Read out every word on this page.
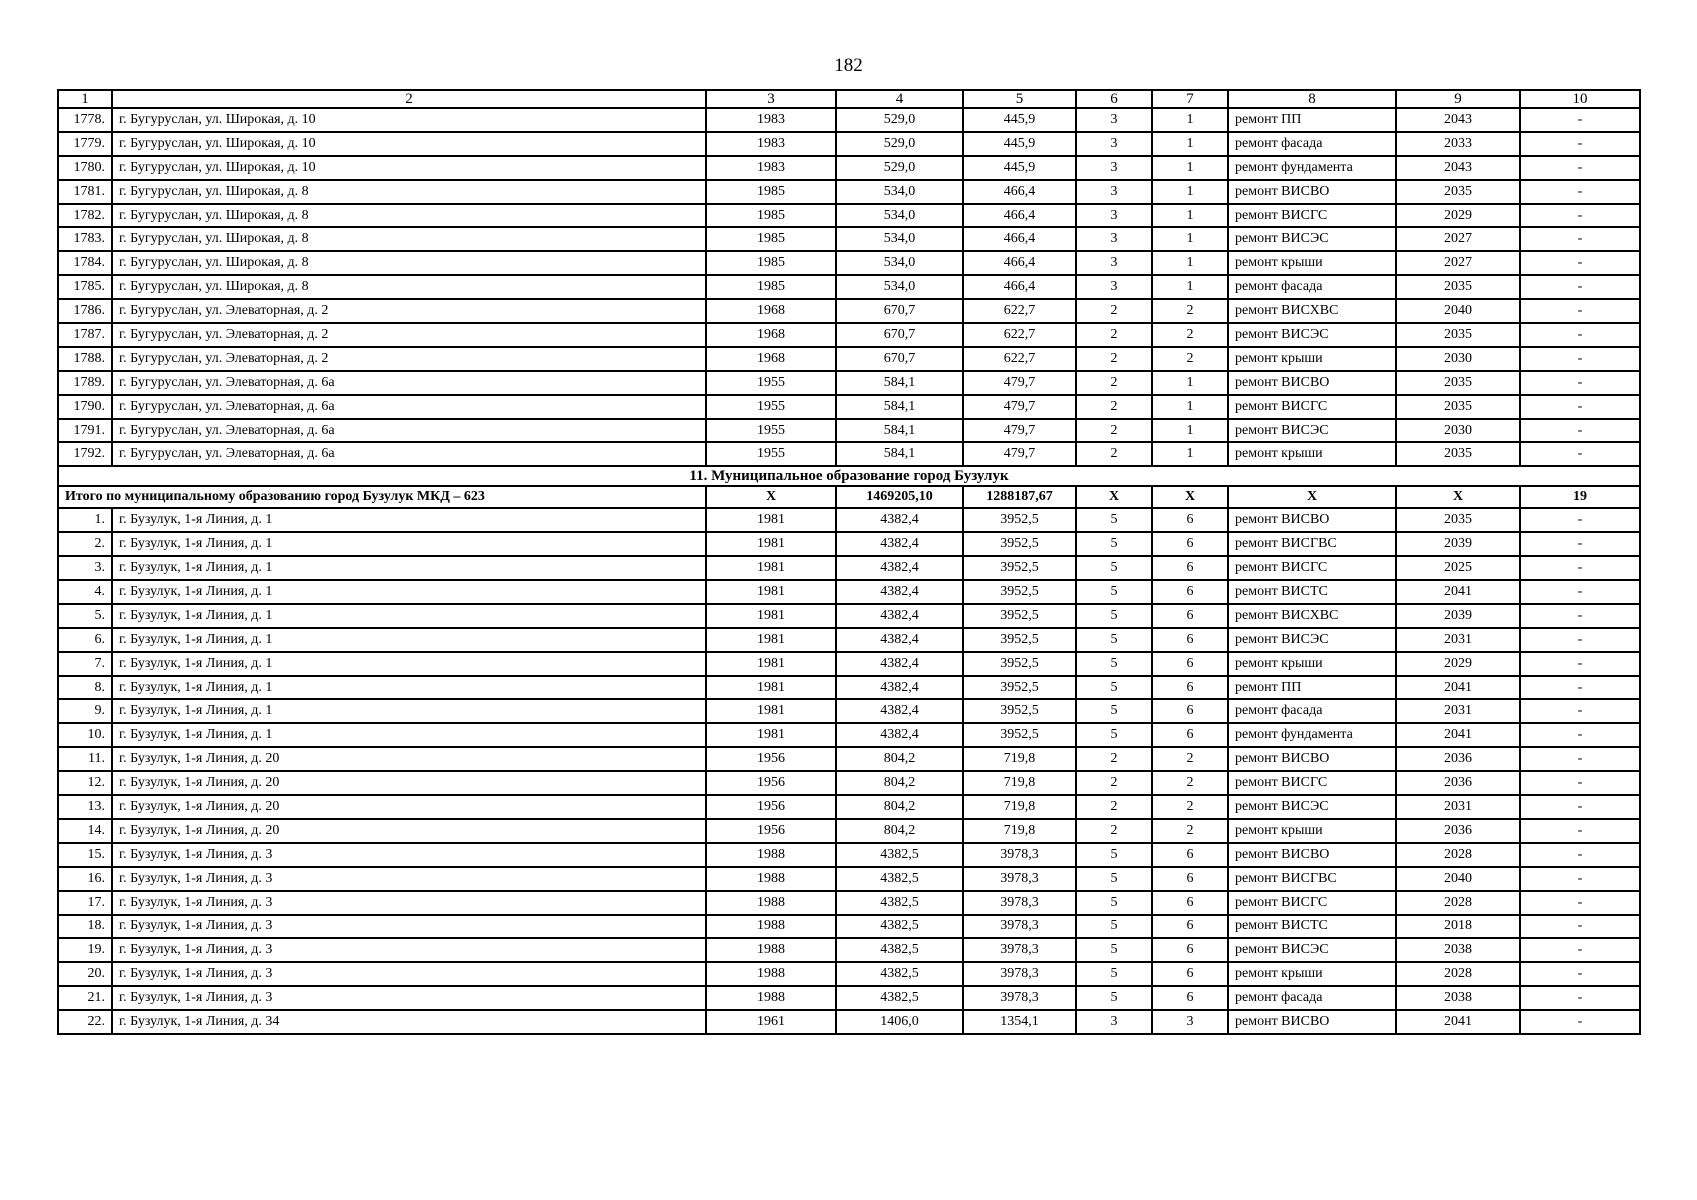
182
1	2	3	4	5	6	7	8	9	10
1778.	г. Бугуруслан, ул. Широкая, д. 10	1983	529,0	445,9	3	1	ремонт ПП	2043	-
1779.	г. Бугуруслан, ул. Широкая, д. 10	1983	529,0	445,9	3	1	ремонт фасада	2033	-
1780.	г. Бугуруслан, ул. Широкая, д. 10	1983	529,0	445,9	3	1	ремонт фундамента	2043	-
1781.	г. Бугуруслан, ул. Широкая, д. 8	1985	534,0	466,4	3	1	ремонт ВИСВО	2035	-
1782.	г. Бугуруслан, ул. Широкая, д. 8	1985	534,0	466,4	3	1	ремонт ВИСГС	2029	-
1783.	г. Бугуруслан, ул. Широкая, д. 8	1985	534,0	466,4	3	1	ремонт ВИСЭС	2027	-
1784.	г. Бугуруслан, ул. Широкая, д. 8	1985	534,0	466,4	3	1	ремонт крыши	2027	-
1785.	г. Бугуруслан, ул. Широкая, д. 8	1985	534,0	466,4	3	1	ремонт фасада	2035	-
1786.	г. Бугуруслан, ул. Элеваторная, д. 2	1968	670,7	622,7	2	2	ремонт ВИСХВС	2040	-
1787.	г. Бугуруслан, ул. Элеваторная, д. 2	1968	670,7	622,7	2	2	ремонт ВИСЭС	2035	-
1788.	г. Бугуруслан, ул. Элеваторная, д. 2	1968	670,7	622,7	2	2	ремонт крыши	2030	-
1789.	г. Бугуруслан, ул. Элеваторная, д. 6а	1955	584,1	479,7	2	1	ремонт ВИСВО	2035	-
1790.	г. Бугуруслан, ул. Элеваторная, д. 6а	1955	584,1	479,7	2	1	ремонт ВИСГС	2035	-
1791.	г. Бугуруслан, ул. Элеваторная, д. 6а	1955	584,1	479,7	2	1	ремонт ВИСЭС	2030	-
1792.	г. Бугуруслан, ул. Элеваторная, д. 6а	1955	584,1	479,7	2	1	ремонт крыши	2035	-
11. Муниципальное образование город Бузулук									
Итого по муниципальному образованию город Бузулук МКД – 623		X	1469205,10	1288187,67	X	X	X	X	19
1.	г. Бузулук, 1-я Линия, д. 1	1981	4382,4	3952,5	5	6	ремонт ВИСВО	2035	-
2.	г. Бузулук, 1-я Линия, д. 1	1981	4382,4	3952,5	5	6	ремонт ВИСГВС	2039	-
3.	г. Бузулук, 1-я Линия, д. 1	1981	4382,4	3952,5	5	6	ремонт ВИСГС	2025	-
4.	г. Бузулук, 1-я Линия, д. 1	1981	4382,4	3952,5	5	6	ремонт ВИСТС	2041	-
5.	г. Бузулук, 1-я Линия, д. 1	1981	4382,4	3952,5	5	6	ремонт ВИСХВС	2039	-
6.	г. Бузулук, 1-я Линия, д. 1	1981	4382,4	3952,5	5	6	ремонт ВИСЭС	2031	-
7.	г. Бузулук, 1-я Линия, д. 1	1981	4382,4	3952,5	5	6	ремонт крыши	2029	-
8.	г. Бузулук, 1-я Линия, д. 1	1981	4382,4	3952,5	5	6	ремонт ПП	2041	-
9.	г. Бузулук, 1-я Линия, д. 1	1981	4382,4	3952,5	5	6	ремонт фасада	2031	-
10.	г. Бузулук, 1-я Линия, д. 1	1981	4382,4	3952,5	5	6	ремонт фундамента	2041	-
11.	г. Бузулук, 1-я Линия, д. 20	1956	804,2	719,8	2	2	ремонт ВИСВО	2036	-
12.	г. Бузулук, 1-я Линия, д. 20	1956	804,2	719,8	2	2	ремонт ВИСГС	2036	-
13.	г. Бузулук, 1-я Линия, д. 20	1956	804,2	719,8	2	2	ремонт ВИСЭС	2031	-
14.	г. Бузулук, 1-я Линия, д. 20	1956	804,2	719,8	2	2	ремонт крыши	2036	-
15.	г. Бузулук, 1-я Линия, д. 3	1988	4382,5	3978,3	5	6	ремонт ВИСВО	2028	-
16.	г. Бузулук, 1-я Линия, д. 3	1988	4382,5	3978,3	5	6	ремонт ВИСГВС	2040	-
17.	г. Бузулук, 1-я Линия, д. 3	1988	4382,5	3978,3	5	6	ремонт ВИСГС	2028	-
18.	г. Бузулук, 1-я Линия, д. 3	1988	4382,5	3978,3	5	6	ремонт ВИСТС	2018	-
19.	г. Бузулук, 1-я Линия, д. 3	1988	4382,5	3978,3	5	6	ремонт ВИСЭС	2038	-
20.	г. Бузулук, 1-я Линия, д. 3	1988	4382,5	3978,3	5	6	ремонт крыши	2028	-
21.	г. Бузулук, 1-я Линия, д. 3	1988	4382,5	3978,3	5	6	ремонт фасада	2038	-
22.	г. Бузулук, 1-я Линия, д. 34	1961	1406,0	1354,1	3	3	ремонт ВИСВО	2041	-
